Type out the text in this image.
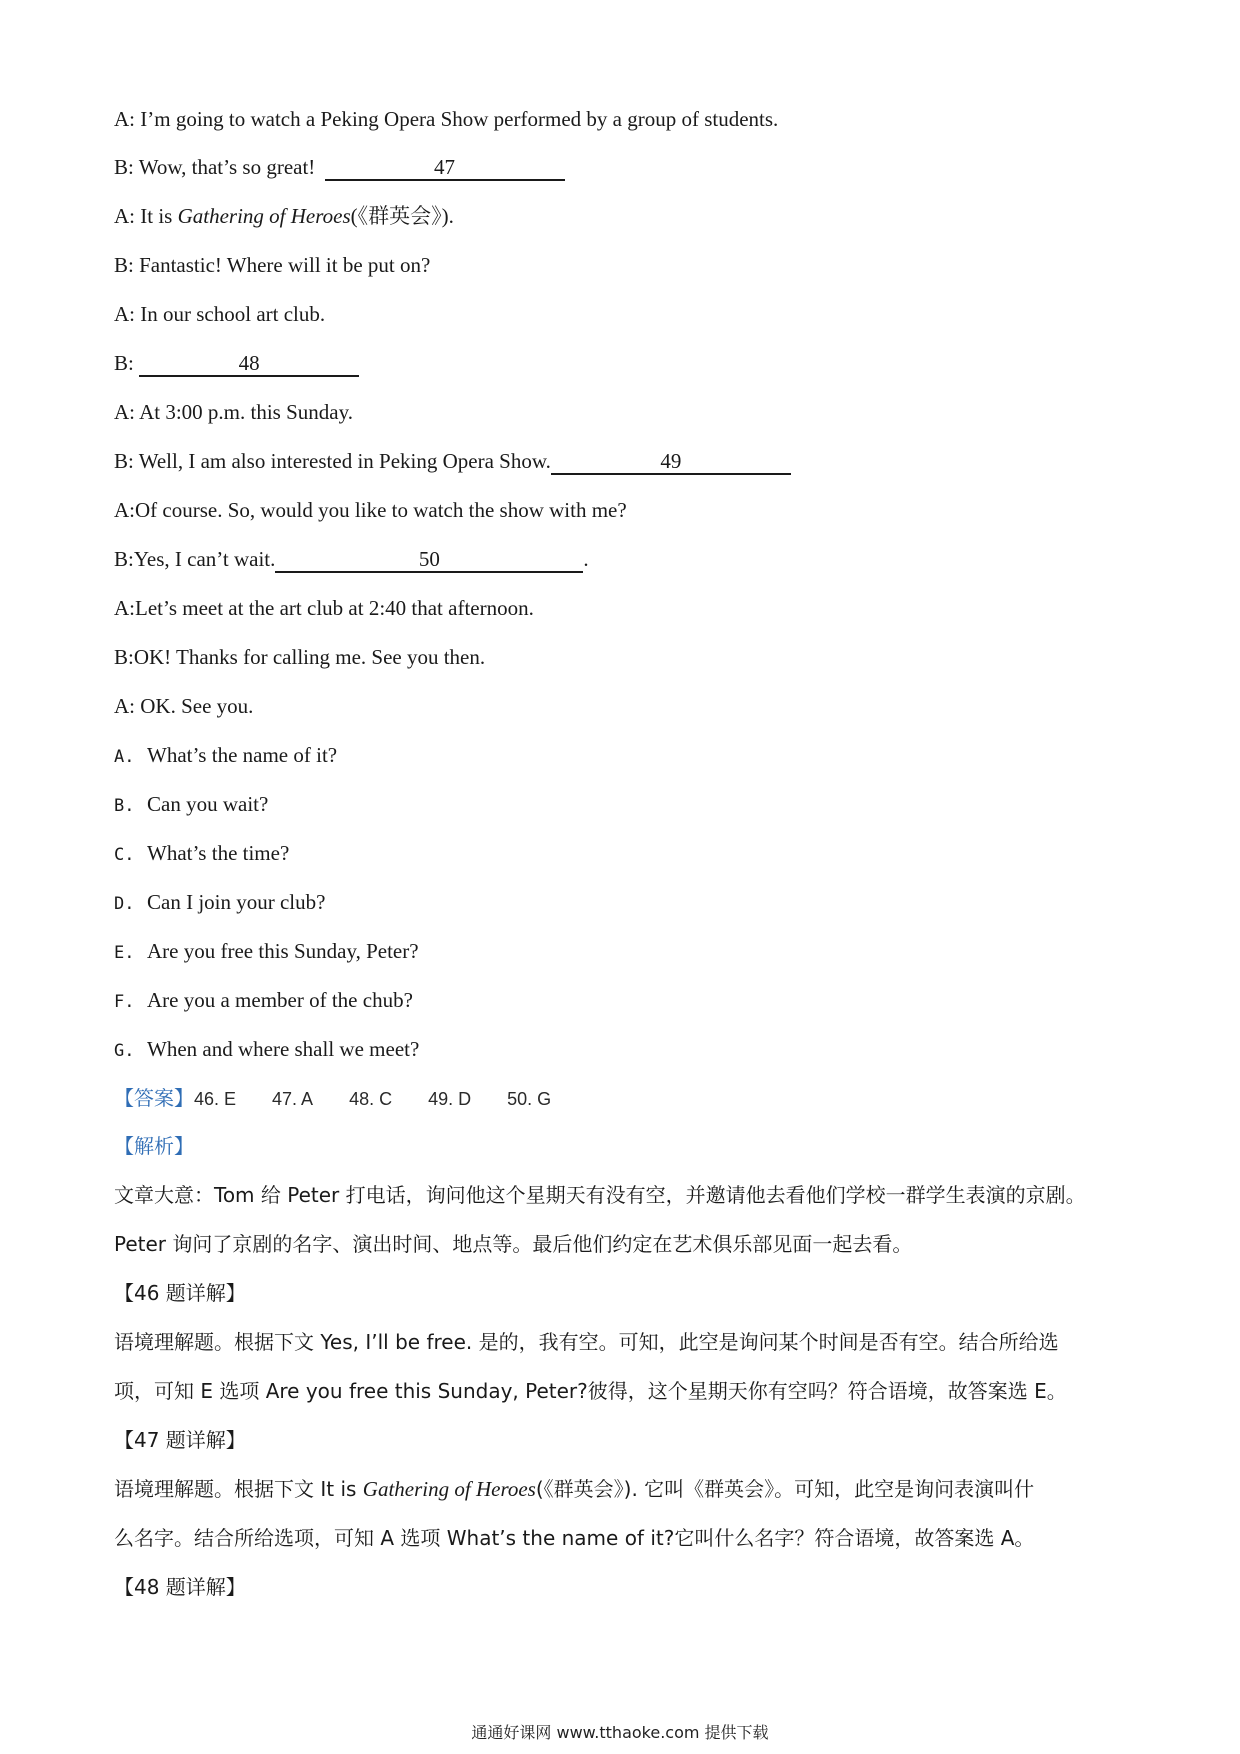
A: I’m going to watch a Peking Opera Show performed by a group of students.
B: Wow, that’s so great!	47
A: It is Gathering of Heroes(《群英会》).
B: Fantastic! Where will it be put on?
A: In our school art club.
B:	48
A: At 3:00 p.m. this Sunday.
B: Well, I am also interested in Peking Opera Show.	49
A:Of course. So, would you like to watch the show with me?
B:Yes, I can’t wait.	50	.
A:Let’s meet at the art club at 2:40 that afternoon.
B:OK! Thanks for calling me. See you then.
A: OK. See you.
A. What’s the name of it?
B. Can you wait?
C. What’s the time?
D. Can I join your club?
E. Are you free this Sunday, Peter?
F. Are you a member of the chub?
G. When and where shall we meet?
【答案】46. E 47. A 48. C 49. D 50. G
【解析】
文章大意：Tom 给 Peter 打电话，询问他这个星期天有没有空，并邀请他去看他们学校一群学生表演的京剧。
Peter 询问了京剧的名字、演出时间、地点等。最后他们约定在艺术俱乐部见面一起去看。
【46 题详解】
语境理解题。根据下文 Yes, I’ll be free. 是的，我有空。可知，此空是询问某个时间是否有空。结合所给选
项，可知 E 选项 Are you free this Sunday, Peter?彼得，这个星期天你有空吗？符合语境，故答案选 E。
【47 题详解】
语境理解题。根据下文 It is Gathering of Heroes(《群英会》). 它叫《群英会》。可知，此空是询问表演叫什
么名字。结合所给选项，可知 A 选项 What’s the name of it?它叫什么名字？符合语境，故答案选 A。
【48 题详解】
通通好课网 www.tthaoke.com 提供下载
